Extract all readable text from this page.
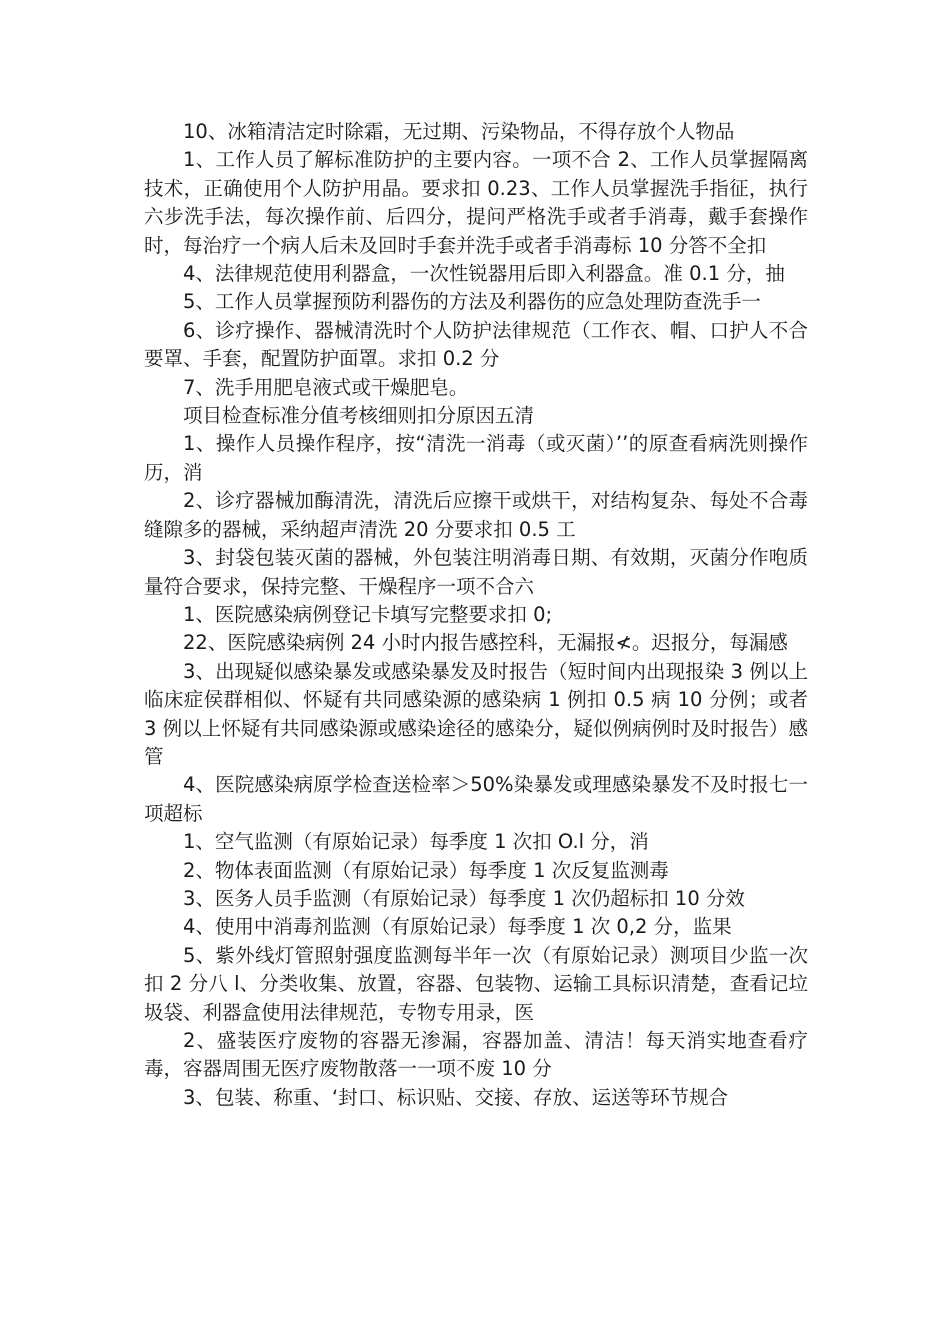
10、冰箱清洁定时除霜，无过期、污染物品，不得存放个人物品

1、工作人员了解标准防护的主要内容。一项不合 2、工作人员掌握隔离技术，正确使用个人防护用晶。要求扣 0.23、工作人员掌握洗手指征，执行六步洗手法，每次操作前、后四分，提问严格洗手或者手消毒，戴手套操作时，每治疗一个病人后未及回时手套并洗手或者手消毒标 10 分答不全扣

4、法律规范使用利器盒，一次性锐器用后即入利器盒。准 0.1 分，抽

5、工作人员掌握预防利器伤的方法及利器伤的应急处理防查洗手一

6、诊疗操作、器械清洗时个人防护法律规范（工作衣、帽、口护人不合要罩、手套，配置防护面罩。求扣 0.2 分

7、洗手用肥皂液式或干燥肥皂。

项目检查标准分值考核细则扣分原因五清

1、操作人员操作程序，按“清洗一消毒（或灭菌）’’的原查看病洗则操作历，消

2、诊疗器械加酶清洗，清洗后应擦干或烘干，对结构复杂、每处不合毒缝隙多的器械，采纳超声清洗 20 分要求扣 0.5 工

3、封袋包装灭菌的器械，外包装注明消毒日期、有效期，灭菌分作咆质量符合要求，保持完整、干燥程序一项不合六

1、医院感染病例登记卡填写完整要求扣 0;

22、医院感染病例 24 小时内报告感控科，无漏报≮。迟报分，每漏感

3、出现疑似感染暴发或感染暴发及时报告（短时间内出现报染 3 例以上临床症侯群相似、怀疑有共同感染源的感染病 1 例扣 0.5 病 10 分例；或者 3 例以上怀疑有共同感染源或感染途径的感染分，疑似例病例时及时报告）感管

4、医院感染病原学检查送检率＞50%染暴发或理感染暴发不及时报七一项超标

1、空气监测（有原始记录）每季度 1 次扣 O.l 分，消

2、物体表面监测（有原始记录）每季度 1 次反复监测毒

3、医务人员手监测（有原始记录）每季度 1 次仍超标扣 10 分效

4、使用中消毒剂监测（有原始记录）每季度 1 次 0,2 分，监果

5、紫外线灯管照射强度监测每半年一次（有原始记录）测项目少监一次扣 2 分八 l、分类收集、放置，容器、包装物、运输工具标识清楚，查看记垃圾袋、利器盒使用法律规范，专物专用录，医

2、盛装医疗废物的容器无渗漏，容器加盖、清洁！每天消实地查看疗毒，容器周围无医疗废物散落一一项不废 10 分

3、包装、称重、‘封口、标识贴、交接、存放、运送等环节规合
